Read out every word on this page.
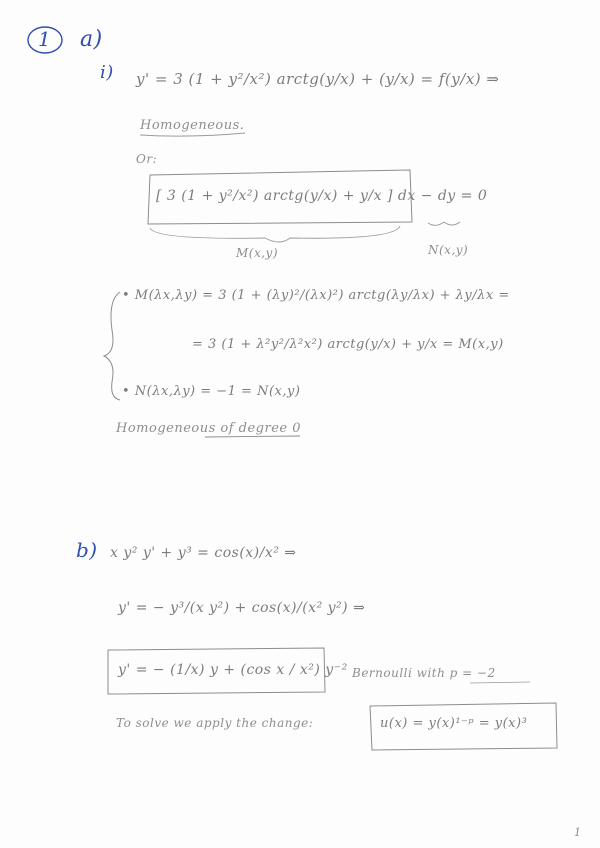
1 a)
i) y' = 3 (1 + y²/x²) arctg(y/x) + (y/x) = f(y/x) ⇒
Homogeneous.
Or:
[ 3 (1 + y²/x²) arctg(y/x) + y/x ] dx − dy = 0
M(x,y)	N(x,y)
• M(λx,λy) = 3 (1 + (λy)²/(λx)²) arctg(λy/λx) + λy/λx =
= 3 (1 + λ²y²/λ²x²) arctg(y/x) + y/x = M(x,y)
• N(λx,λy) = −1 = N(x,y)
Homogeneous of degree 0
b) x y² y' + y³ = cos(x)/x² ⇒
y' = − y³/(x y²) + cos(x)/(x² y²) ⇒
y' = − (1/x) y + (cos x / x²) y⁻² Bernoulli with p = −2
To solve we apply the change:	u(x) = y(x)¹⁻ᵖ = y(x)³
1
